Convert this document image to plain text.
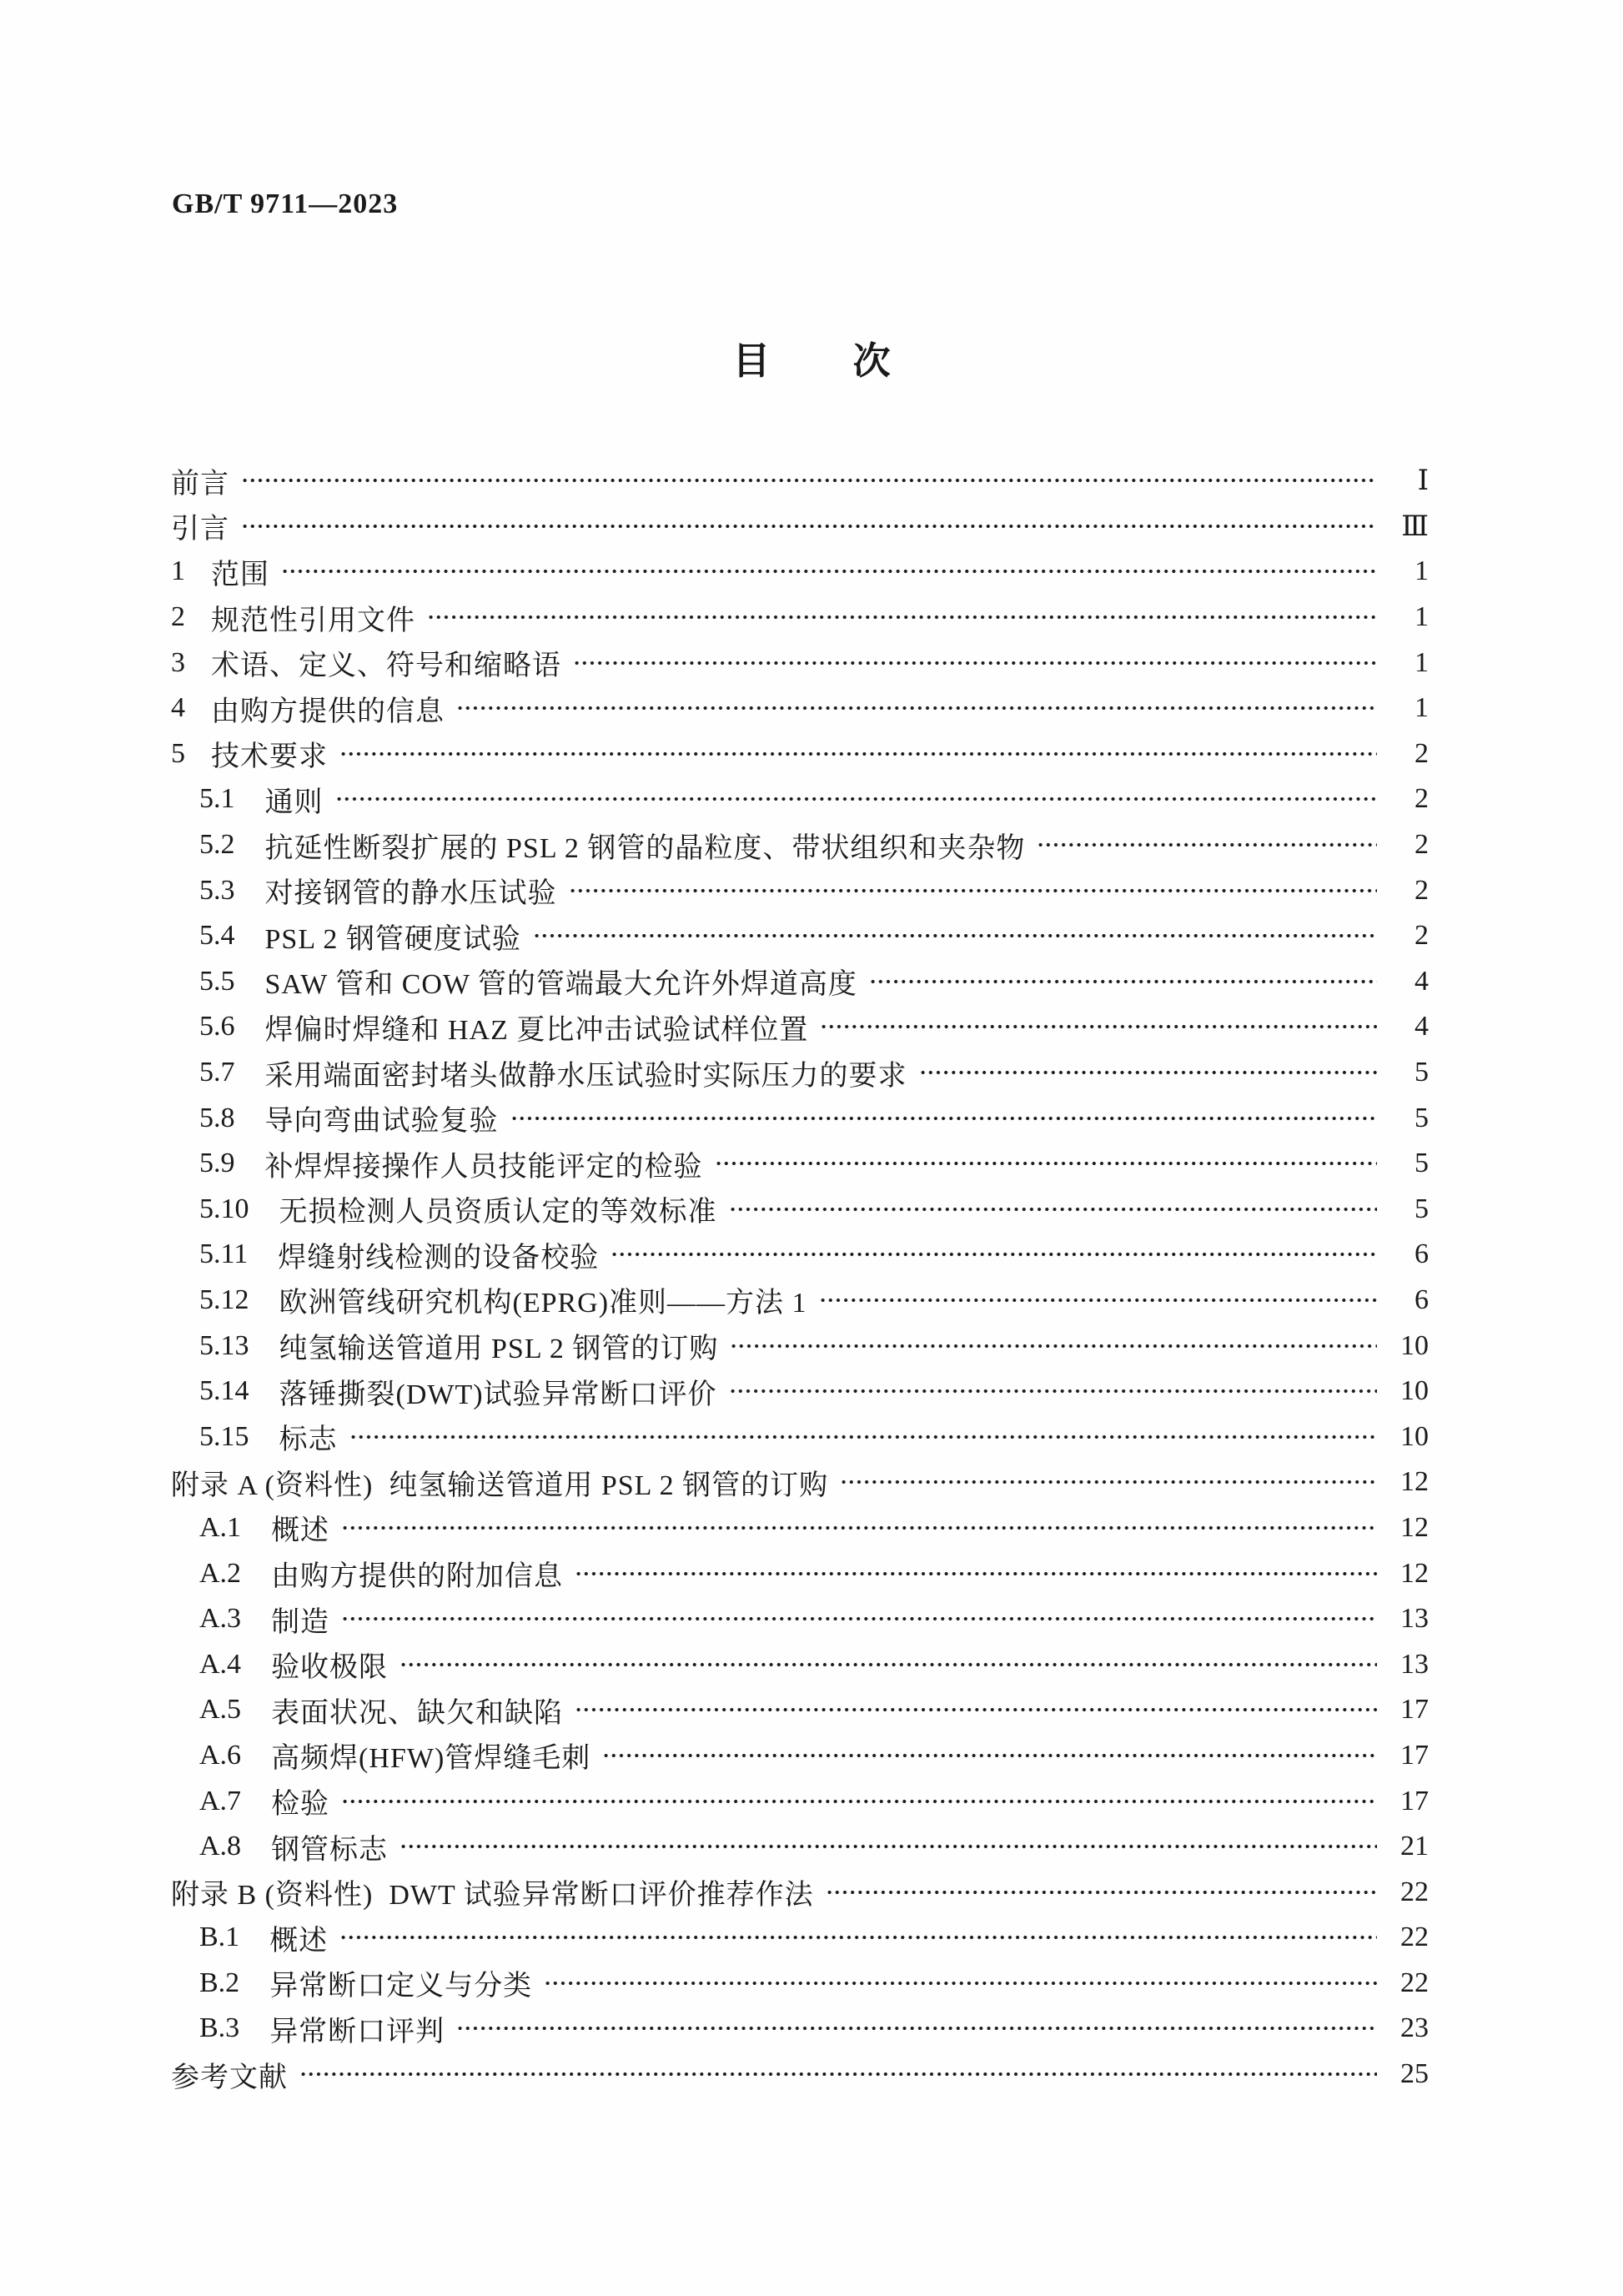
GB/T 9711—2023
目 次
前言	Ⅰ
引言	Ⅲ
1 范围	1
2 规范性引用文件	1
3 术语、定义、符号和缩略语	1
4 由购方提供的信息	1
5 技术要求	2
5.1 通则	2
5.2 抗延性断裂扩展的 PSL 2 钢管的晶粒度、带状组织和夹杂物	2
5.3 对接钢管的静水压试验	2
5.4 PSL 2 钢管硬度试验	2
5.5 SAW 管和 COW 管的管端最大允许外焊道高度	4
5.6 焊偏时焊缝和 HAZ 夏比冲击试验试样位置	4
5.7 采用端面密封堵头做静水压试验时实际压力的要求	5
5.8 导向弯曲试验复验	5
5.9 补焊焊接操作人员技能评定的检验	5
5.10 无损检测人员资质认定的等效标准	5
5.11 焊缝射线检测的设备校验	6
5.12 欧洲管线研究机构(EPRG)准则——方法 1	6
5.13 纯氢输送管道用 PSL 2 钢管的订购	10
5.14 落锤撕裂(DWT)试验异常断口评价	10
5.15 标志	10
附录 A (资料性)  纯氢输送管道用 PSL 2 钢管的订购	12
A.1 概述	12
A.2 由购方提供的附加信息	12
A.3 制造	13
A.4 验收极限	13
A.5 表面状况、缺欠和缺陷	17
A.6 高频焊(HFW)管焊缝毛刺	17
A.7 检验	17
A.8 钢管标志	21
附录 B (资料性)  DWT 试验异常断口评价推荐作法	22
B.1 概述	22
B.2 异常断口定义与分类	22
B.3 异常断口评判	23
参考文献	25
